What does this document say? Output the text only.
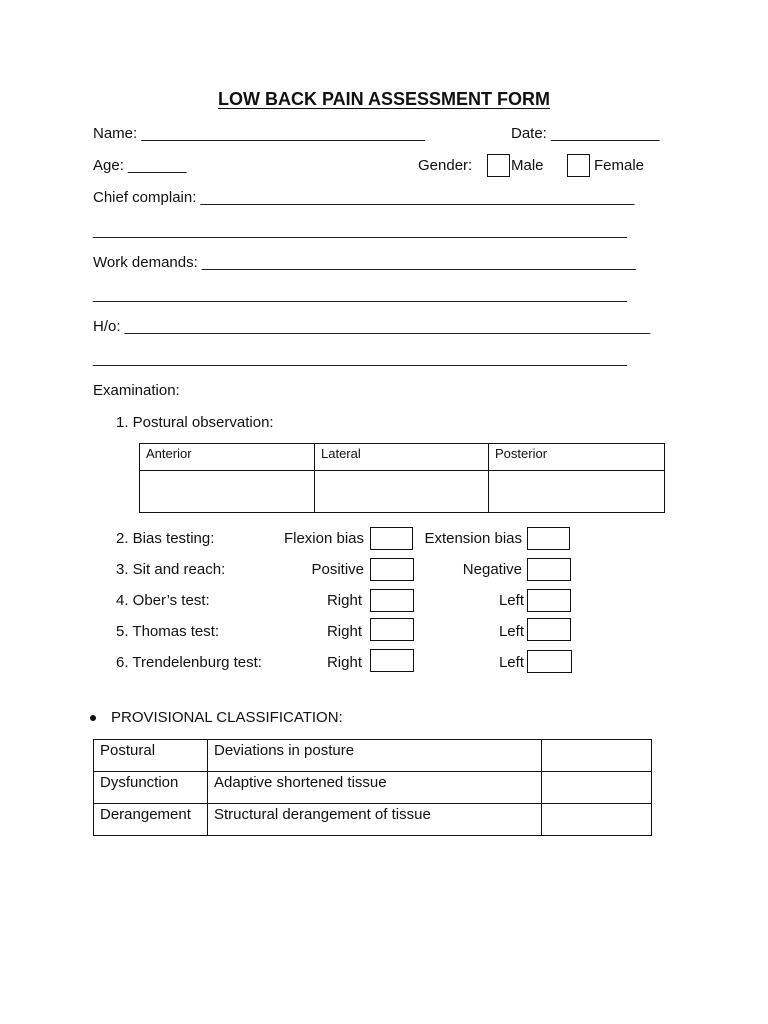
LOW BACK PAIN ASSESSMENT FORM
Name: __________________________________	Date: _____________
Age: _______	Gender:	Male	Female
Chief complain: ____________________________________________________
________________________________________________________________
Work demands: ____________________________________________________
________________________________________________________________
H/o: _______________________________________________________________
________________________________________________________________
Examination:
1. Postural observation:
Anterior	Lateral	Posterior

2. Bias testing:	Flexion bias	Extension bias
3. Sit and reach:	Positive	Negative
4. Ober’s test:	Right	Left
5. Thomas test:	Right	Left
6. Trendelenburg test:	Right	Left
PROVISIONAL CLASSIFICATION:
Postural	Deviations in posture	
Dysfunction	Adaptive shortened tissue	
Derangement	Structural derangement of tissue	
